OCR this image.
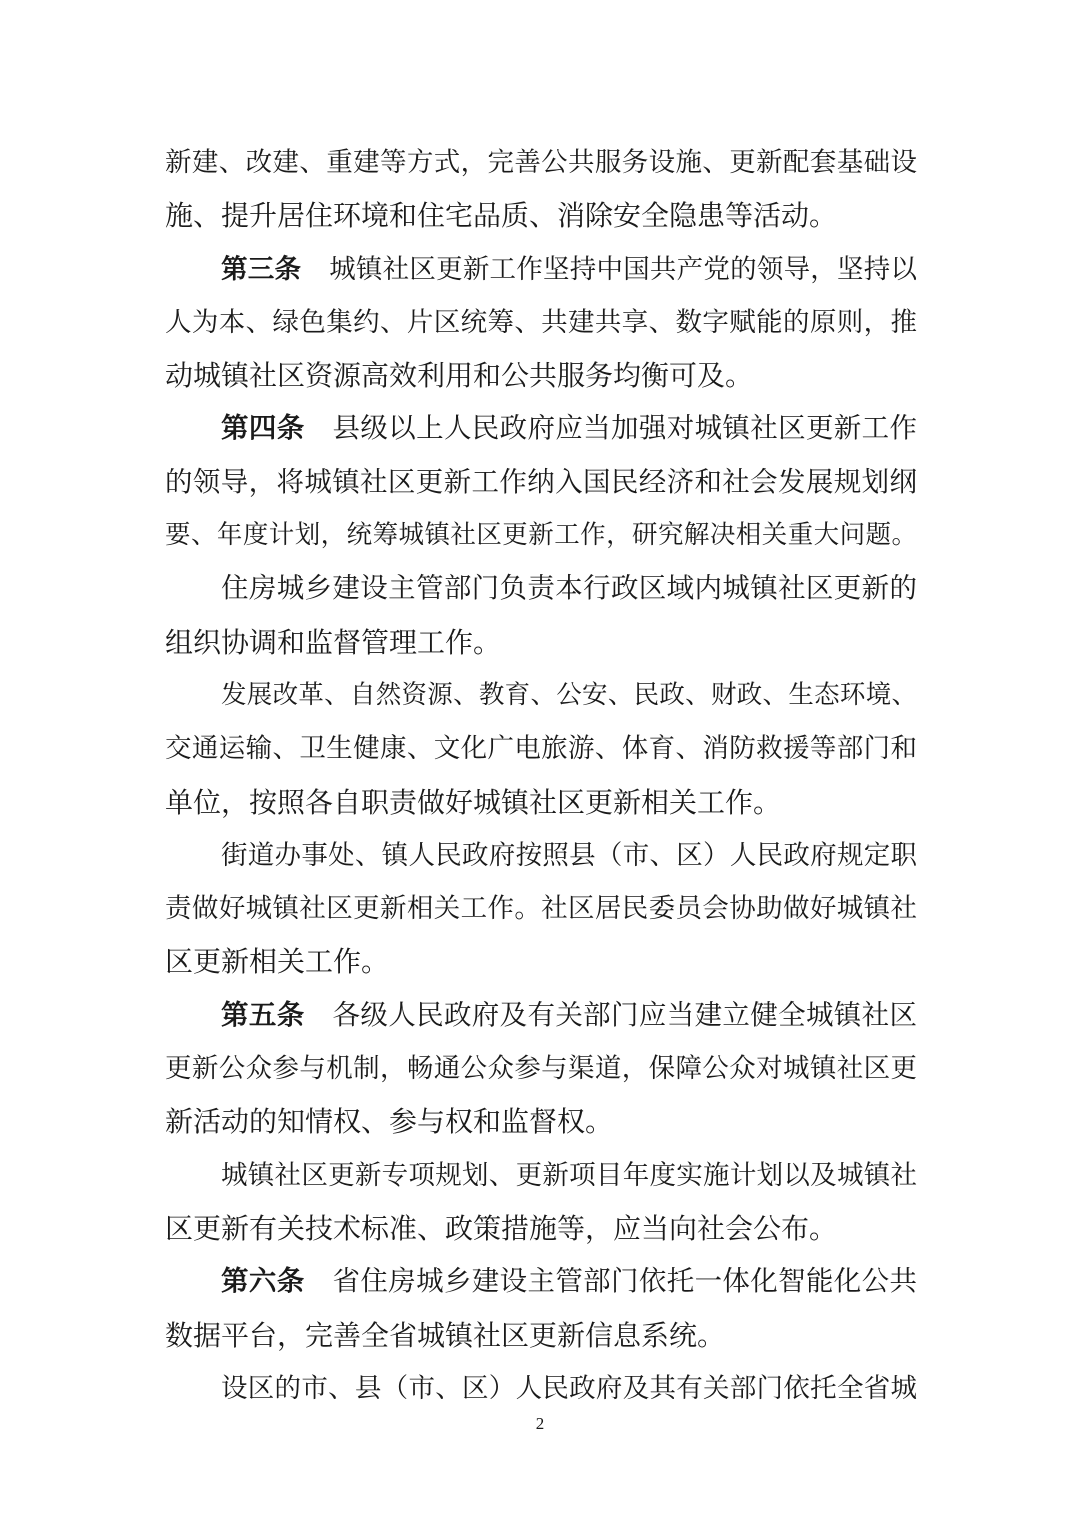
新建、改建、重建等方式，完善公共服务设施、更新配套基础设
施、提升居住环境和住宅品质、消除安全隐患等活动。
第三条 城镇社区更新工作坚持中国共产党的领导，坚持以
人为本、绿色集约、片区统筹、共建共享、数字赋能的原则，推
动城镇社区资源高效利用和公共服务均衡可及。
第四条 县级以上人民政府应当加强对城镇社区更新工作
的领导，将城镇社区更新工作纳入国民经济和社会发展规划纲
要、年度计划，统筹城镇社区更新工作，研究解决相关重大问题。
住房城乡建设主管部门负责本行政区域内城镇社区更新的
组织协调和监督管理工作。
发展改革、自然资源、教育、公安、民政、财政、生态环境、
交通运输、卫生健康、文化广电旅游、体育、消防救援等部门和
单位，按照各自职责做好城镇社区更新相关工作。
街道办事处、镇人民政府按照县（市、区）人民政府规定职
责做好城镇社区更新相关工作。社区居民委员会协助做好城镇社
区更新相关工作。
第五条 各级人民政府及有关部门应当建立健全城镇社区
更新公众参与机制，畅通公众参与渠道，保障公众对城镇社区更
新活动的知情权、参与权和监督权。
城镇社区更新专项规划、更新项目年度实施计划以及城镇社
区更新有关技术标准、政策措施等，应当向社会公布。
第六条 省住房城乡建设主管部门依托一体化智能化公共
数据平台，完善全省城镇社区更新信息系统。
设区的市、县（市、区）人民政府及其有关部门依托全省城
2
